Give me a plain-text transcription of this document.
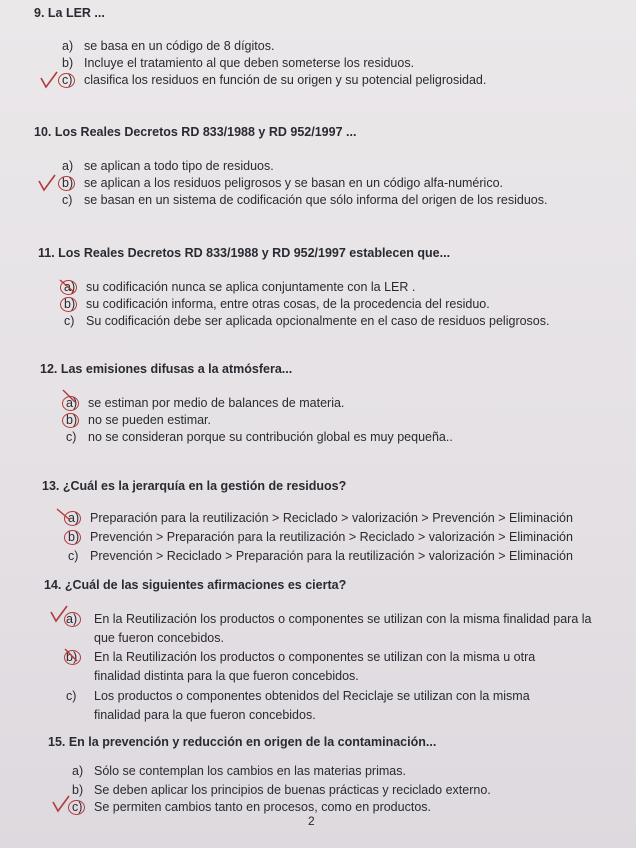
9. La LER ...
a) se basa en un código de 8 dígitos.
b) Incluye el tratamiento al que deben someterse los residuos.
c) clasifica los residuos en función de su origen y su potencial peligrosidad.
10. Los Reales Decretos RD 833/1988 y RD 952/1997 ...
a) se aplican a todo tipo de residuos.
b) se aplican a los residuos peligrosos y se basan en un código alfa-numérico.
c) se basan en un sistema de codificación que sólo informa del origen de los residuos.
11. Los Reales Decretos RD 833/1988 y RD 952/1997 establecen que...
a) su codificación nunca se aplica conjuntamente con la LER .
b) su codificación informa, entre otras cosas, de la procedencia del residuo.
c) Su codificación debe ser aplicada opcionalmente en el caso de residuos peligrosos.
12. Las emisiones difusas a la atmósfera...
a) se estiman por medio de balances de materia.
b) no se pueden estimar.
c) no se consideran porque su contribución global es muy pequeña..
13. ¿Cuál es la jerarquía en la gestión de residuos?
a) Preparación para la reutilización > Reciclado > valorización > Prevención > Eliminación
b) Prevención > Preparación para la reutilización > Reciclado > valorización > Eliminación
c) Prevención > Reciclado > Preparación para la reutilización > valorización > Eliminación
14. ¿Cuál de las siguientes afirmaciones es cierta?
a) En la Reutilización los productos o componentes se utilizan con la misma finalidad para la que fueron concebidos.
b) En la Reutilización los productos o componentes se utilizan con la misma u otra finalidad distinta para la que fueron concebidos.
c) Los productos o componentes obtenidos del Reciclaje se utilizan con la misma finalidad para la que fueron concebidos.
15. En la prevención y reducción en origen de la contaminación...
a) Sólo se contemplan los cambios en las materias primas.
b) Se deben aplicar los principios de buenas prácticas y reciclado externo.
c) Se permiten cambios tanto en procesos, como en productos.
2
